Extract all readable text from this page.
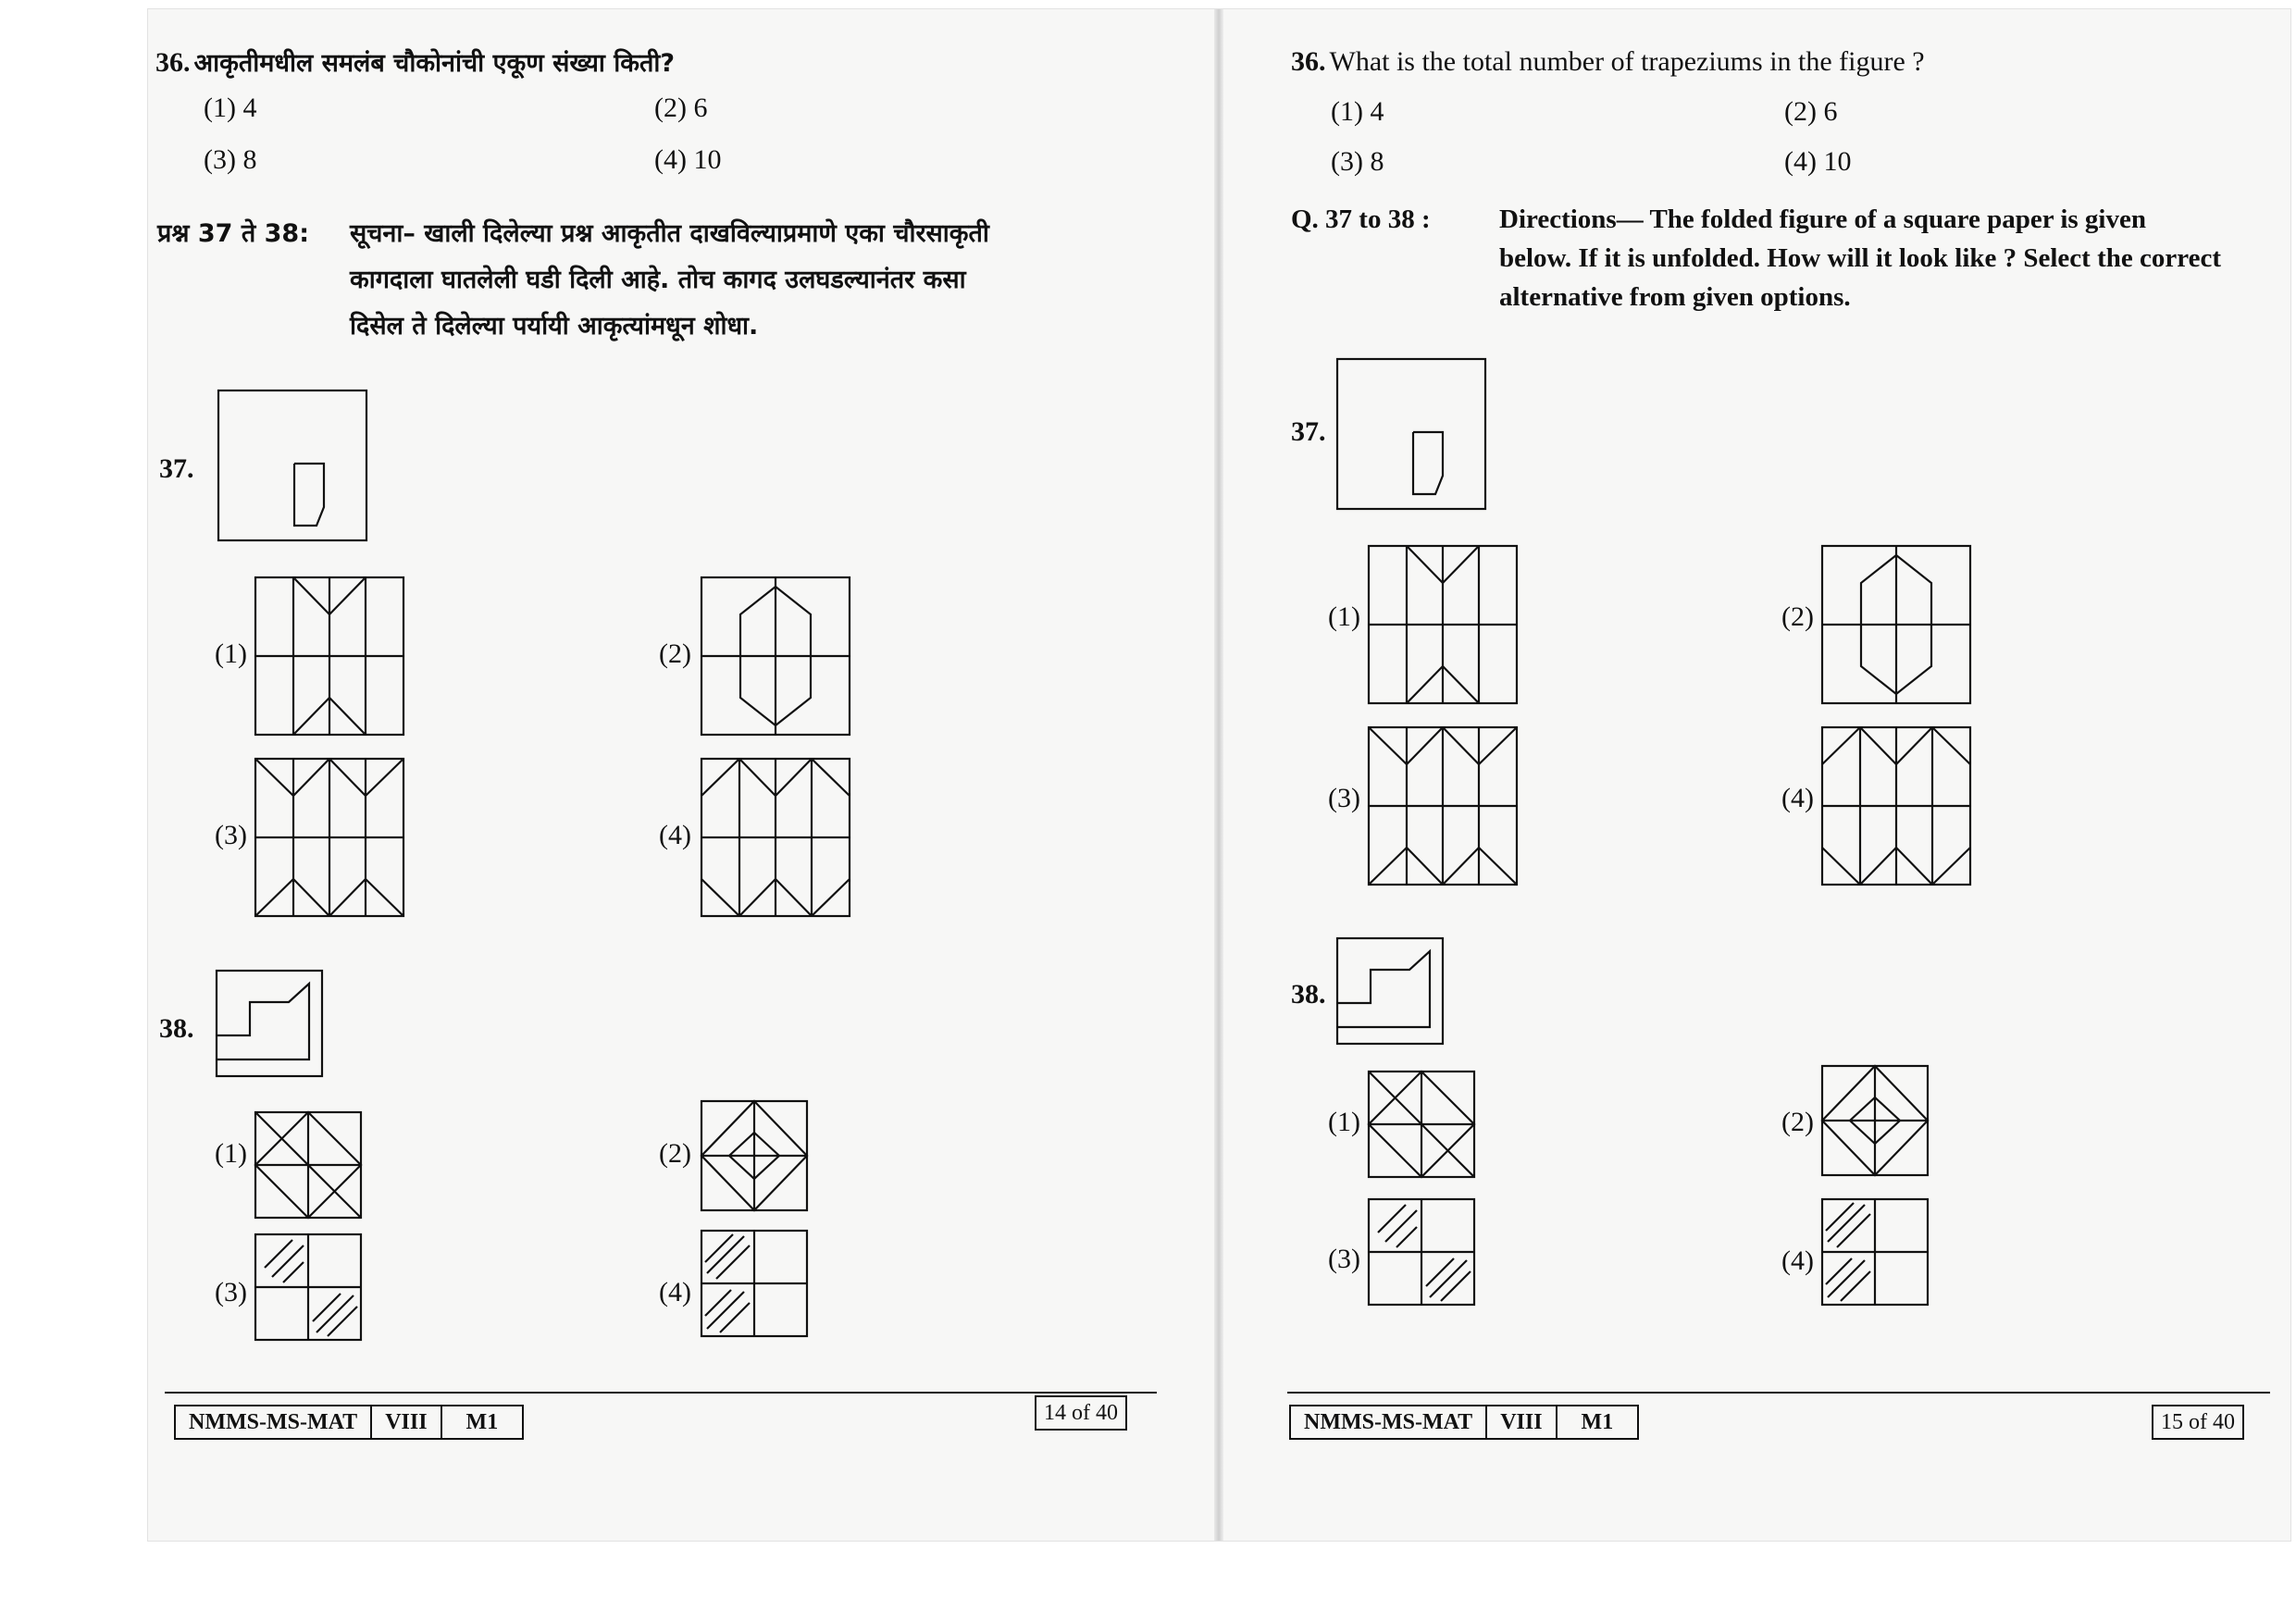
36. आकृतीमधील समलंब चौकोनांची एकूण संख्या किती?
(1) 4	(2) 6
(3) 8	(4) 10
प्रश्न 37 ते 38: सूचना– खाली दिलेल्या प्रश्न आकृतीत दाखविल्याप्रमाणे एका चौरसाकृती
कागदाला घातलेली घडी दिली आहे. तोच कागद उलघडल्यानंतर कसा
दिसेल ते दिलेल्या पर्यायी आकृत्यांमधून शोधा.
37.
(1)	(2)
(3)	(4)
38.
(1)	(2)
(3)	(4)
NMMS-MS-MAT	VIII	M1	14 of 40
36. What is the total number of trapeziums in the figure ?
(1) 4	(2) 6
(3) 8	(4) 10
Q. 37 to 38 :	Directions— The folded figure of a square paper is given
below. If it is unfolded. How will it look like ? Select the correct
alternative from given options.
37.
(1)	(2)
(3)	(4)
38.
(1)	(2)
(3)	(4)
NMMS-MS-MAT	VIII	M1	15 of 40
